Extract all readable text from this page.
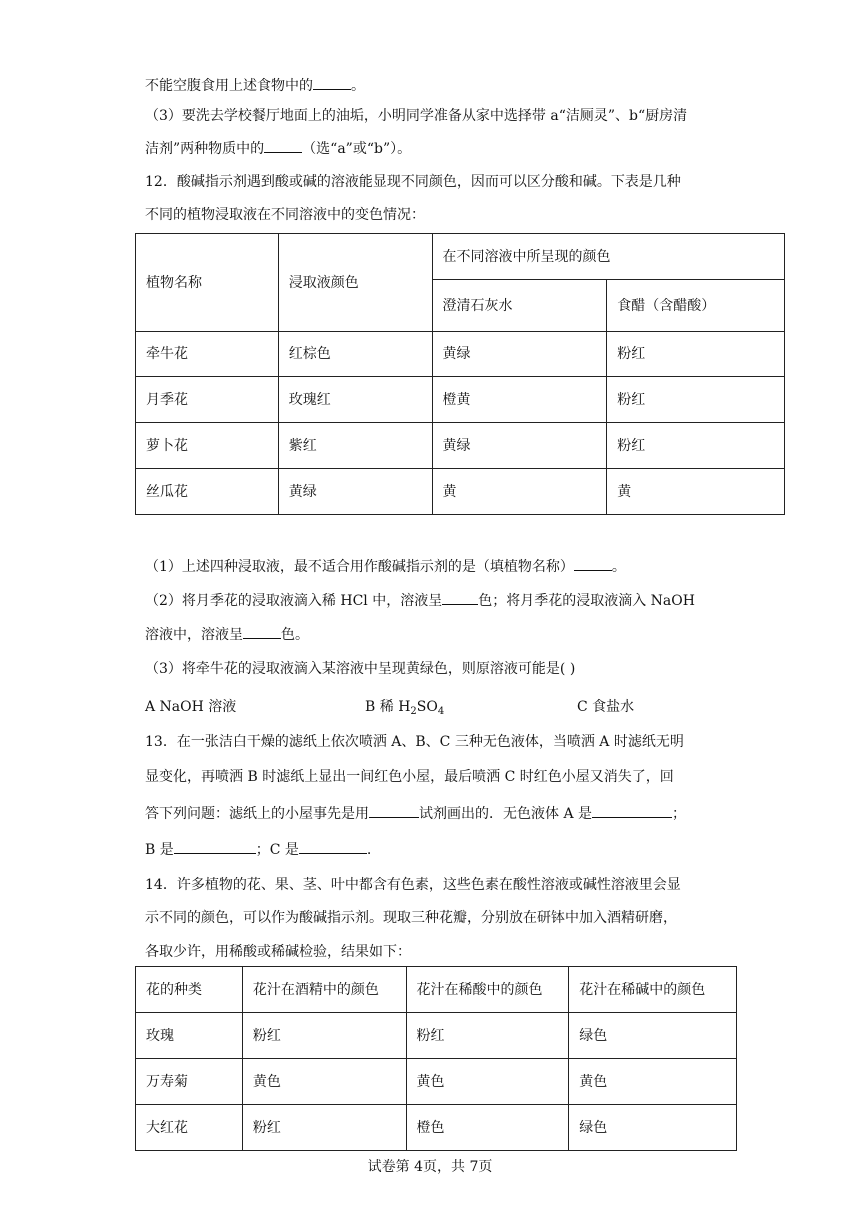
不能空腹食用上述食物中的	。
（3）要洗去学校餐厅地面上的油垢，小明同学准备从家中选择带 a“洁厕灵”、b“厨房清
洁剂”两种物质中的	（选“a”或“b”）。
12．酸碱指示剂遇到酸或碱的溶液能显现不同颜色，因而可以区分酸和碱。下表是几种
不同的植物浸取液在不同溶液中的变色情况：
植物名称	浸取液颜色	在不同溶液中所呈现的颜色	
		澄清石灰水	食醋（含醋酸）
牵牛花	红棕色	黄绿	粉红
月季花	玫瑰红	橙黄	粉红
萝卜花	紫红	黄绿	粉红
丝瓜花	黄绿	黄	黄
（1）上述四种浸取液，最不适合用作酸碱指示剂的是（填植物名称）	。
（2）将月季花的浸取液滴入稀 HCl 中，溶液呈	色；将月季花的浸取液滴入 NaOH
溶液中，溶液呈	色。
（3）将牵牛花的浸取液滴入某溶液中呈现黄绿色，则原溶液可能是( )
A NaOH 溶液	B 稀 $H_2SO_4$	C 食盐水
13．在一张洁白干燥的滤纸上依次喷洒 A、B、C 三种无色液体，当喷洒 A 时滤纸无明
显变化，再喷洒 B 时滤纸上显出一间红色小屋，最后喷洒 C 时红色小屋又消失了，回
答下列问题：滤纸上的小屋事先是用	试剂画出的．无色液体 A 是	；
B 是	；C 是	.
14．许多植物的花、果、茎、叶中都含有色素，这些色素在酸性溶液或碱性溶液里会显
示不同的颜色，可以作为酸碱指示剂。现取三种花瓣，分别放在研钵中加入酒精研磨，
各取少许，用稀酸或稀碱检验，结果如下：
花的种类	花汁在酒精中的颜色	花汁在稀酸中的颜色	花汁在稀碱中的颜色
玫瑰	粉红	粉红	绿色
万寿菊	黄色	黄色	黄色
大红花	粉红	橙色	绿色
试卷第 4页，共 7页
